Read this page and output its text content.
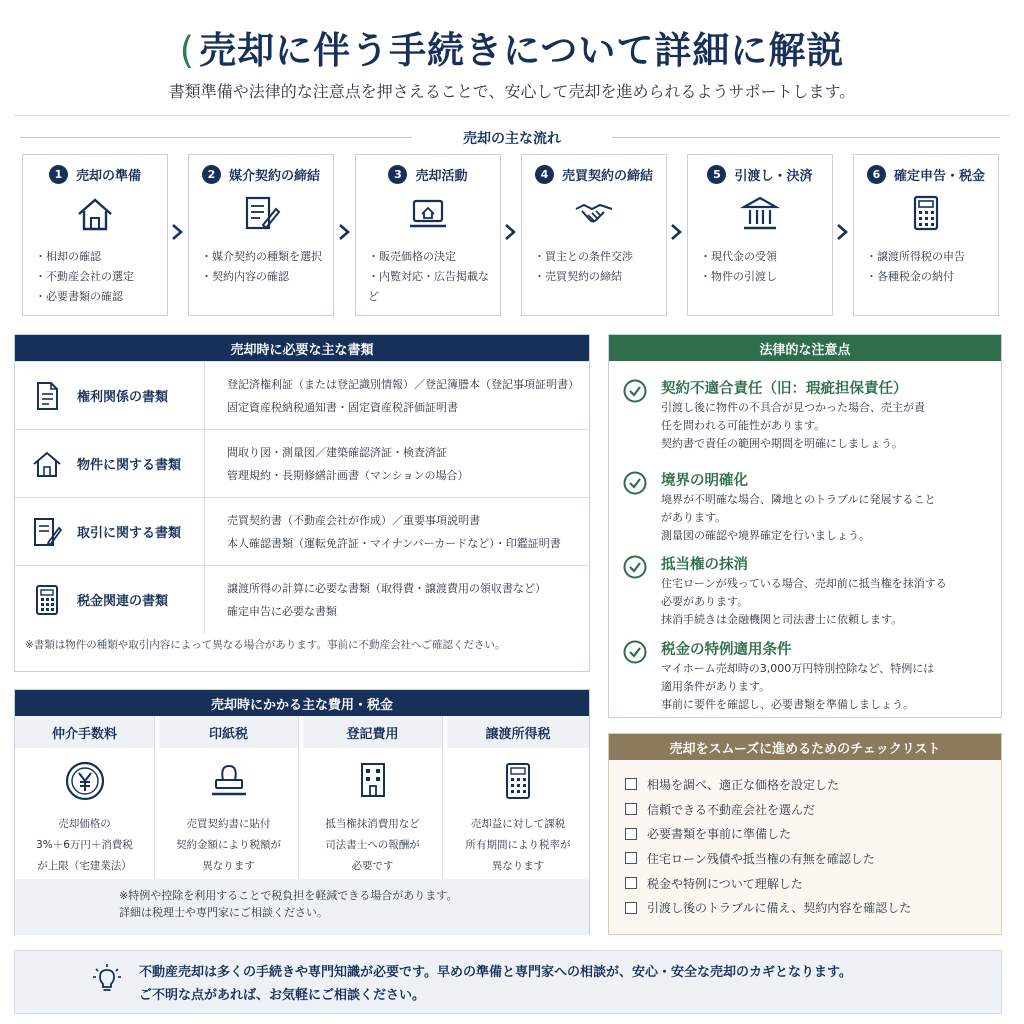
( 売却に伴う手続きについて詳細に解説
書類準備や法律的な注意点を押さえることで、安心して売却を進められるようサポートします。
売却の主な流れ
1	売却の準備
・相却の確認
・不動産会社の選定
・必要書類の確認
2	媒介契約の締結
・媒介契約の種類を選択
・契約内容の確認
3	売却活動
・販売価格の決定
・内覧対応・広告掲載など
4	売買契約の締結
・買主との条件交渉
・売買契約の締結
5	引渡し・決済
・現代金の受領
・物件の引渡し
6	確定申告・税金
・譲渡所得税の申告
・各種税金の納付
売却時に必要な主な書類
権利関係の書類
登記済権利証（または登記識別情報）／登記簿謄本（登記事項証明書）
固定資産税納税通知書・固定資産税評価証明書
物件に関する書類
間取り図・測量図／建築確認済証・検査済証
管理規約・長期修繕計画書（マンションの場合）
取引に関する書類
売買契約書（不動産会社が作成）／重要事項説明書
本人確認書類（運転免許証・マイナンバーカードなど）・印鑑証明書
税金関連の書類
譲渡所得の計算に必要な書類（取得費・譲渡費用の領収書など）
確定申告に必要な書類
※書類は物件の種類や取引内容によって異なる場合があります。事前に不動産会社へご確認ください。
売却時にかかる主な費用・税金
仲介手数料
売却価格の
3%＋6万円＋消費税
が上限（宅建業法）
印紙税
売買契約書に貼付
契約金額により税額が
異なります
登記費用
抵当権抹消費用など
司法書士への報酬が
必要です
譲渡所得税
売却益に対して課税
所有期間により税率が
異なります
※特例や控除を利用することで税負担を軽減できる場合があります。
詳細は税理士や専門家にご相談ください。
法律的な注意点
契約不適合責任（旧：瑕疵担保責任）
引渡し後に物件の不具合が見つかった場合、売主が責
任を問われる可能性があります。
契約書で責任の範囲や期間を明確にしましょう。
境界の明確化
境界が不明確な場合、隣地とのトラブルに発展すること
があります。
測量図の確認や境界確定を行いましょう。
抵当権の抹消
住宅ローンが残っている場合、売却前に抵当権を抹消する
必要があります。
抹消手続きは金融機関と司法書士に依頼します。
税金の特例適用条件
マイホーム売却時の3,000万円特別控除など、特例には
適用条件があります。
事前に要件を確認し、必要書類を準備しましょう。
売却をスムーズに進めるためのチェックリスト
相場を調べ、適正な価格を設定した
信頼できる不動産会社を選んだ
必要書類を事前に準備した
住宅ローン残債や抵当権の有無を確認した
税金や特例について理解した
引渡し後のトラブルに備え、契約内容を確認した
不動産売却は多くの手続きや専門知識が必要です。早めの準備と専門家への相談が、安心・安全な売却のカギとなります。
ご不明な点があれば、お気軽にご相談ください。
